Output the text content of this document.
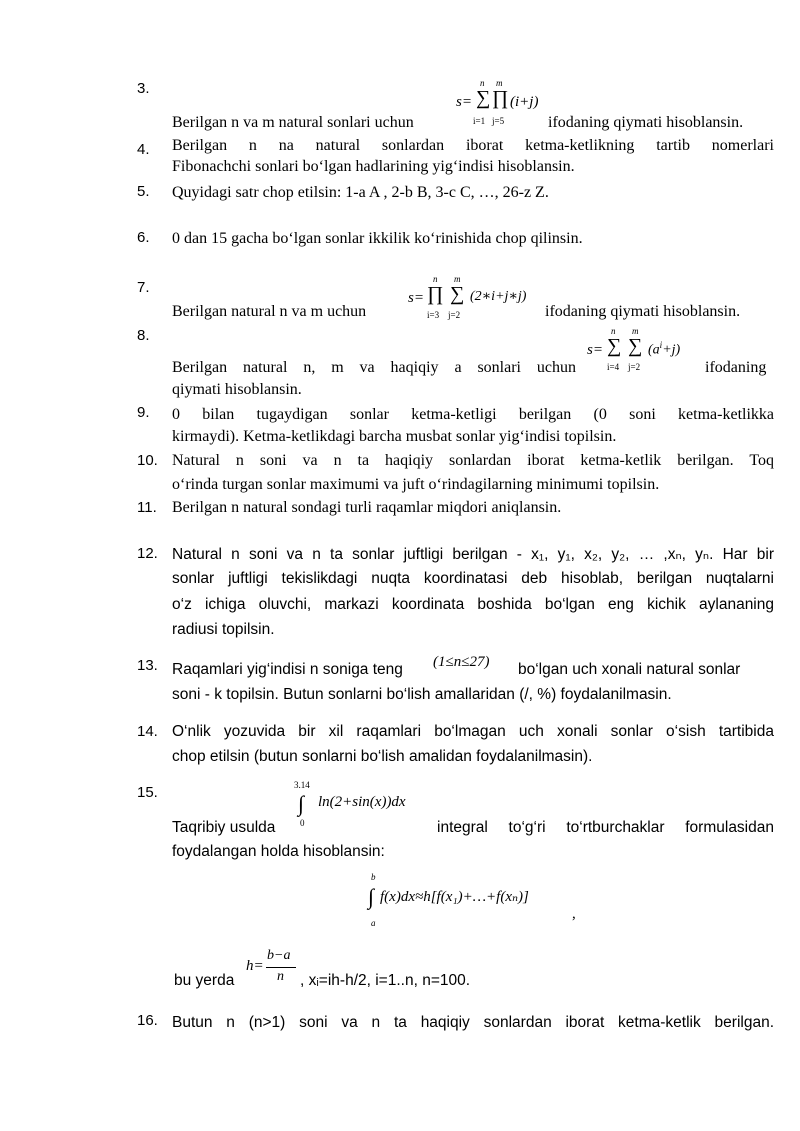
3.	n m
s= ∑ ∏ (i+j)
i=1 j=5
Berilgan n va m natural sonlari uchun	ifodaning qiymati hisoblansin.
4. Berilgan n na natural sonlardan iborat ketma-ketlikning tartib nomerlari
Fibonachchi sonlari bo‘lgan hadlarining yig‘indisi hisoblansin.
5. Quyidagi satr chop etilsin: 1-a A , 2-b B, 3-c C, …, 26-z Z.
6. 0 dan 15 gacha bo‘lgan sonlar ikkilik ko‘rinishida chop qilinsin.
7.	n m
s= ∏ ∑ (2∗i+j∗j)
i=3 j=2
Berilgan natural n va m uchun	ifodaning qiymati hisoblansin.
8.	n m
s= ∑ ∑ $(a^i+j)$
i=4 j=2
Berilgan natural n, m va haqiqiy a sonlari uchun	ifodaning
qiymati hisoblansin.
9. 0 bilan tugaydigan sonlar ketma-ketligi berilgan (0 soni ketma-ketlikka
kirmaydi). Ketma-ketlikdagi barcha musbat sonlar yig‘indisi topilsin.
10. Natural n soni va n ta haqiqiy sonlardan iborat ketma-ketlik berilgan. Toq
o‘rinda turgan sonlar maximumi va juft o‘rindagilarning minimumi topilsin.
11. Berilgan n natural sondagi turli raqamlar miqdori aniqlansin.
12. Natural n soni va n ta sonlar juftligi berilgan - x₁, y₁, x₂, y₂, … ,xₙ, yₙ. Har bir
sonlar juftligi tekislikdagi nuqta koordinatasi deb hisoblab, berilgan nuqtalarni
o‘z ichiga oluvchi, markazi koordinata boshida bo‘lgan eng kichik aylananing
radiusi topilsin.
13. Raqamlari yig‘indisi n soniga teng	(1≤n≤27) bo‘lgan uch xonali natural sonlar
soni - k topilsin. Butun sonlarni bo‘lish amallaridan (/, %) foydalanilmasin.
14. O‘nlik yozuvida bir xil raqamlari bo‘lmagan uch xonali sonlar o‘sish tartibida
chop etilsin (butun sonlarni bo‘lish amalidan foydalanilmasin).
15.	3.14
∫ ln(2+sin(x))dx
0
Taqribiy usulda	integral to‘g‘ri to‘rtburchaklar formulasidan
foydalangan holda hisoblansin:
b
∫ f(x)dx≈h[f(x₁)+…+f(xₙ)]
a
,
bu yerda
h=
b−a
n , xᵢ=ih-h/2, i=1..n, n=100.
16. Butun n (n>1) soni va n ta haqiqiy sonlardan iborat ketma-ketlik berilgan.
